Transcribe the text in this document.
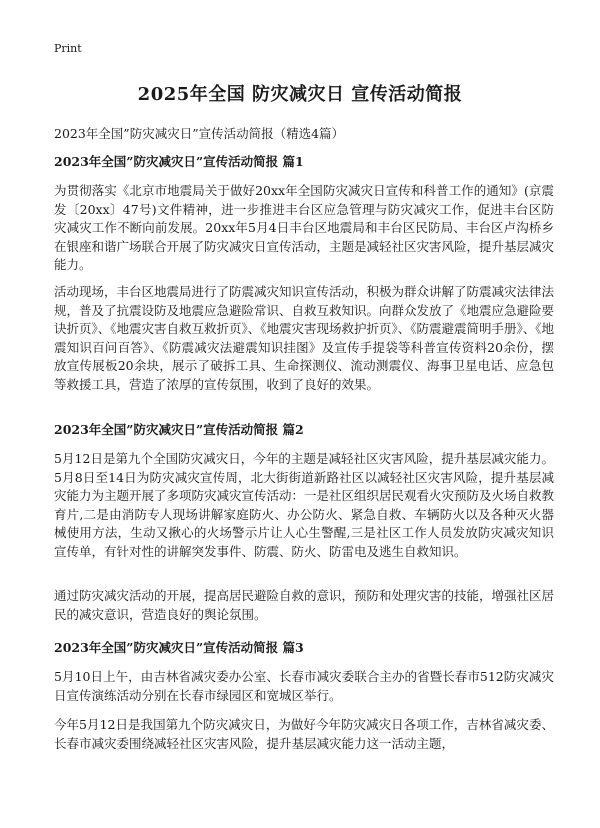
Print
2025年全国 防灾减灾日 宣传活动简报
2023年全国”防灾减灾日”宣传活动简报（精选4篇）
2023年全国”防灾减灾日”宣传活动简报 篇1

为贯彻落实《北京市地震局关于做好20xx年全国防灾减灾日宣传和科普工作的通知》(京震发〔20xx〕47号)文件精神，进一步推进丰台区应急管理与防灾减灾工作，促进丰台区防灾减灾工作不断向前发展。20xx年5月4日丰台区地震局和丰台区民防局、丰台区卢沟桥乡在银座和谐广场联合开展了防灾减灾日宣传活动，主题是减轻社区灾害风险，提升基层减灾能力。

活动现场，丰台区地震局进行了防震减灾知识宣传活动，积极为群众讲解了防震减灾法律法规，普及了抗震设防及地震应急避险常识、自救互救知识。向群众发放了《地震应急避险要诀折页》、《地震灾害自救互救折页》、《地震灾害现场救护折页》、《防震避震简明手册》、《地震知识百问百答》、《防震减灾法避震知识挂图》及宣传手提袋等科普宣传资料20余份，摆放宣传展板20余块，展示了破拆工具、生命探测仪、流动测震仪、海事卫星电话、应急包等救援工具，营造了浓厚的宣传氛围，收到了良好的效果。

2023年全国”防灾减灾日”宣传活动简报 篇2

5月12日是第九个全国防灾减灾日，今年的主题是减轻社区灾害风险，提升基层减灾能力。5月8日至14日为防灾减灾宣传周，北大街街道新路社区以减轻社区灾害风险，提升基层减灾能力为主题开展了多项防灾减灾宣传活动：一是社区组织居民观看火灾预防及火场自救教育片,二是由消防专人现场讲解家庭防火、办公防火、紧急自救、车辆防火以及各种灭火器械使用方法，生动又揪心的火场警示片让人心生警醒,三是社区工作人员发放防灾减灾知识宣传单，有针对性的讲解突发事件、防震、防火、防雷电及逃生自救知识。

通过防灾减灾活动的开展，提高居民避险自救的意识，预防和处理灾害的技能，增强社区居民的减灾意识，营造良好的舆论氛围。

2023年全国”防灾减灾日”宣传活动简报 篇3

5月10日上午，由吉林省减灾委办公室、长春市减灾委联合主办的省暨长春市512防灾减灾日宣传演练活动分别在长春市绿园区和宽城区举行。

今年5月12日是我国第九个防灾减灾日，为做好今年防灾减灾日各项工作，吉林省减灾委、长春市减灾委围绕减轻社区灾害风险，提升基层减灾能力这一活动主题，
